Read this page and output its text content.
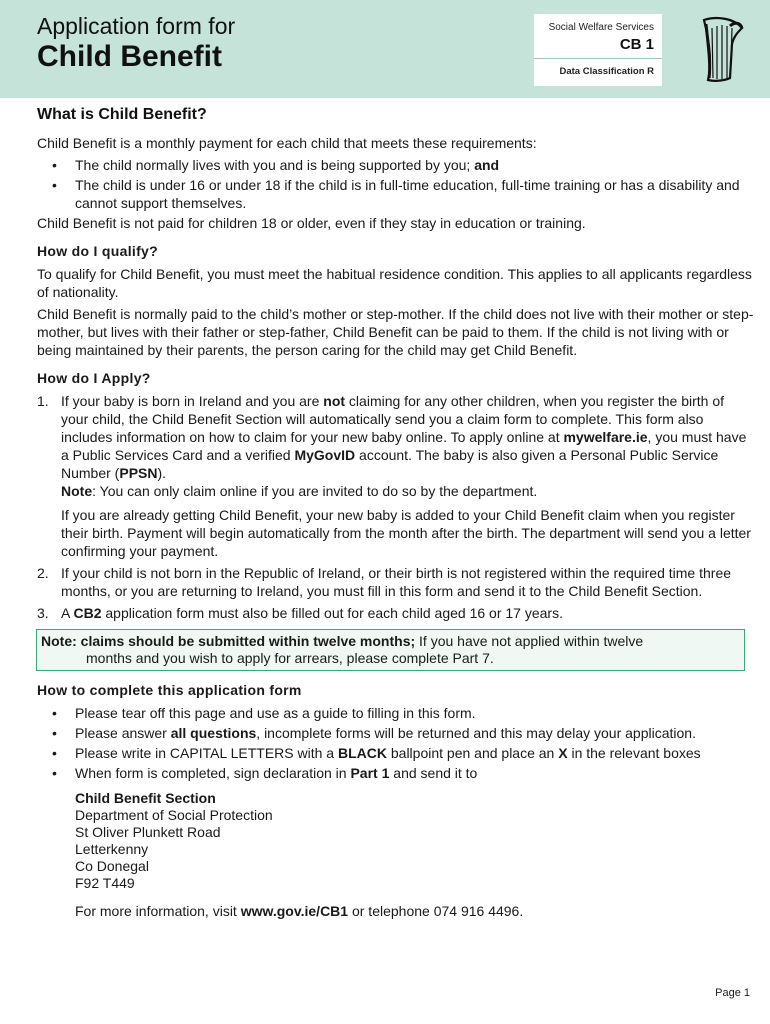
Application form for
Child Benefit
Social Welfare Services
CB 1
Data Classification R
What is Child Benefit?

Child Benefit is a monthly payment for each child that meets these requirements:

• The child normally lives with you and is being supported by you; and
• The child is under 16 or under 18 if the child is in full-time education, full-time training or has a disability and cannot support themselves.

Child Benefit is not paid for children 18 or older, even if they stay in education or training.

How do I qualify?

To qualify for Child Benefit, you must meet the habitual residence condition. This applies to all applicants regardless of nationality.

Child Benefit is normally paid to the child’s mother or step-mother. If the child does not live with their mother or step-mother, but lives with their father or step-father, Child Benefit can be paid to them. If the child is not living with or being maintained by their parents, the person caring for the child may get Child Benefit.

How do I Apply?
1. If your baby is born in Ireland and you are not claiming for any other children, when you register the birth of your child, the Child Benefit Section will automatically send you a claim form to complete. This form also includes information on how to claim for your new baby online. To apply online at mywelfare.ie, you must have a Public Services Card and a verified MyGovID account. The baby is also given a Personal Public Service Number (PPSN).
Note: You can only claim online if you are invited to do so by the department.
If you are already getting Child Benefit, your new baby is added to your Child Benefit claim when you register their birth. Payment will begin automatically from the month after the birth. The department will send you a letter confirming your payment.
2. If your child is not born in the Republic of Ireland, or their birth is not registered within the required time three months, or you are returning to Ireland, you must fill in this form and send it to the Child Benefit Section.
3. A CB2 application form must also be filled out for each child aged 16 or 17 years.
Note: claims should be submitted within twelve months; If you have not applied within twelve
months and you wish to apply for arrears, please complete Part 7.
How to complete this application form
• Please tear off this page and use as a guide to filling in this form.
• Please answer all questions, incomplete forms will be returned and this may delay your application.
• Please write in CAPITAL LETTERS with a BLACK ballpoint pen and place an X in the relevant boxes
• When form is completed, sign declaration in Part 1 and send it to
Child Benefit Section
Department of Social Protection
St Oliver Plunkett Road
Letterkenny
Co Donegal
F92 T449

For more information, visit www.gov.ie/CB1 or telephone 074 916 4496.

Page 1
